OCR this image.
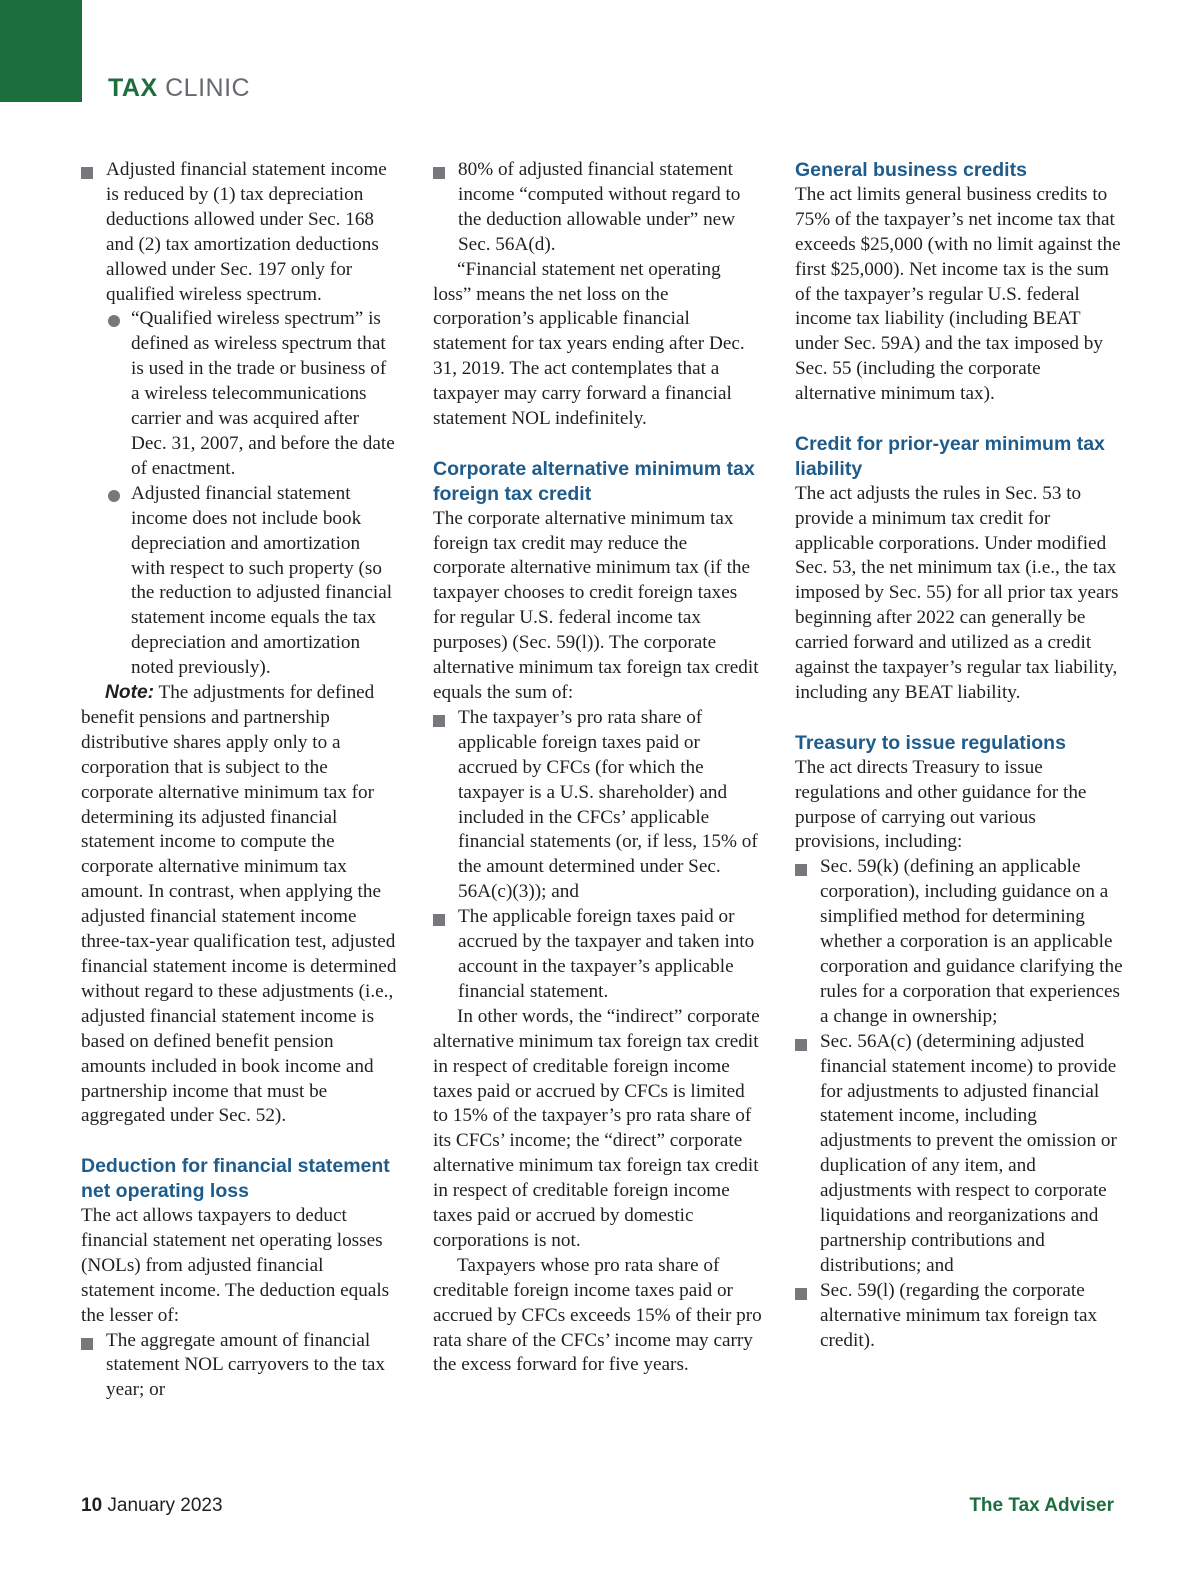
TAX CLINIC
Adjusted financial statement income is reduced by (1) tax depreciation deductions allowed under Sec. 168 and (2) tax amortization deductions allowed under Sec. 197 only for qualified wireless spectrum.
“Qualified wireless spectrum” is defined as wireless spectrum that is used in the trade or business of a wireless telecommunications carrier and was acquired after Dec. 31, 2007, and before the date of enactment.
Adjusted financial statement income does not include book depreciation and amortization with respect to such property (so the reduction to adjusted financial statement income equals the tax depreciation and amortization noted previously).

Note: The adjustments for defined benefit pensions and partnership distributive shares apply only to a corporation that is subject to the corporate alternative minimum tax for determining its adjusted financial statement income to compute the corporate alternative minimum tax amount. In contrast, when applying the adjusted financial statement income three-tax-year qualification test, adjusted financial statement income is determined without regard to these adjustments (i.e., adjusted financial statement income is based on defined benefit pension amounts included in book income and partnership income that must be aggregated under Sec. 52).

Deduction for financial statement net operating loss

The act allows taxpayers to deduct financial statement net operating losses (NOLs) from adjusted financial statement income. The deduction equals the lesser of:

The aggregate amount of financial statement NOL carryovers to the tax year; or
80% of adjusted financial statement income “computed without regard to the deduction allowable under” new Sec. 56A(d).

“Financial statement net operating loss” means the net loss on the corporation’s applicable financial statement for tax years ending after Dec. 31, 2019. The act contemplates that a taxpayer may carry forward a financial statement NOL indefinitely.

Corporate alternative minimum tax foreign tax credit

The corporate alternative minimum tax foreign tax credit may reduce the corporate alternative minimum tax (if the taxpayer chooses to credit foreign taxes for regular U.S. federal income tax purposes) (Sec. 59(l)). The corporate alternative minimum tax foreign tax credit equals the sum of:

The taxpayer’s pro rata share of applicable foreign taxes paid or accrued by CFCs (for which the taxpayer is a U.S. shareholder) and included in the CFCs’ applicable financial statements (or, if less, 15% of the amount determined under Sec. 56A(c)(3)); and
The applicable foreign taxes paid or accrued by the taxpayer and taken into account in the taxpayer’s applicable financial statement.

In other words, the “indirect” corporate alternative minimum tax foreign tax credit in respect of creditable foreign income taxes paid or accrued by CFCs is limited to 15% of the taxpayer’s pro rata share of its CFCs’ income; the “direct” corporate alternative minimum tax foreign tax credit in respect of creditable foreign income taxes paid or accrued by domestic corporations is not.

Taxpayers whose pro rata share of creditable foreign income taxes paid or accrued by CFCs exceeds 15% of their pro rata share of the CFCs’ income may carry the excess forward for five years.

General business credits

The act limits general business credits to 75% of the taxpayer’s net income tax that exceeds $25,000 (with no limit against the first $25,000). Net income tax is the sum of the taxpayer’s regular U.S. federal income tax liability (including BEAT under Sec. 59A) and the tax imposed by Sec. 55 (including the corporate alternative minimum tax).

Credit for prior-year minimum tax liability

The act adjusts the rules in Sec. 53 to provide a minimum tax credit for applicable corporations. Under modified Sec. 53, the net minimum tax (i.e., the tax imposed by Sec. 55) for all prior tax years beginning after 2022 can generally be carried forward and utilized as a credit against the taxpayer’s regular tax liability, including any BEAT liability.

Treasury to issue regulations

The act directs Treasury to issue regulations and other guidance for the purpose of carrying out various provisions, including:

Sec. 59(k) (defining an applicable corporation), including guidance on a simplified method for determining whether a corporation is an applicable corporation and guidance clarifying the rules for a corporation that experiences a change in ownership;
Sec. 56A(c) (determining adjusted financial statement income) to provide for adjustments to adjusted financial statement income, including adjustments to prevent the omission or duplication of any item, and adjustments with respect to corporate liquidations and reorganizations and partnership contributions and distributions; and
Sec. 59(l) (regarding the corporate alternative minimum tax foreign tax credit).
10 January 2023	The Tax Adviser
